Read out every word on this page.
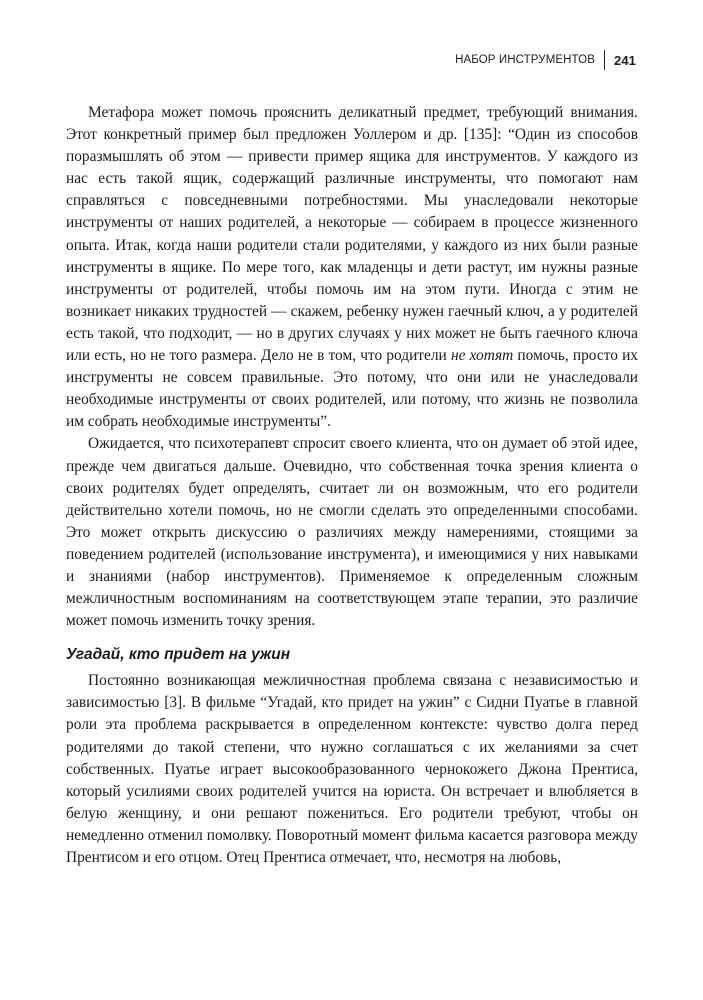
НАБОР ИНСТРУМЕНТОВ 241

Метафора может помочь прояснить деликатный предмет, требующий внимания. Этот конкретный пример был предложен Уоллером и др. [135]: “Один из способов поразмышлять об этом — привести пример ящика для инструментов. У каждого из нас есть такой ящик, содержащий различные инструменты, что помогают нам справляться с повседневными потребностями. Мы унаследовали некоторые инструменты от наших родителей, а некоторые — собираем в процессе жизненного опыта. Итак, когда наши родители стали родителями, у каждого из них были разные инструменты в ящике. По мере того, как младенцы и дети растут, им нужны разные инструменты от родителей, чтобы помочь им на этом пути. Иногда с этим не возникает никаких трудностей — скажем, ребенку нужен гаечный ключ, а у родителей есть такой, что подходит, — но в других случаях у них может не быть гаечного ключа или есть, но не того размера. Дело не в том, что родители не хотят помочь, просто их инструменты не совсем правильные. Это потому, что они или не унаследовали необходимые инструменты от своих родителей, или потому, что жизнь не позволила им собрать необходимые инструменты”.

Ожидается, что психотерапевт спросит своего клиента, что он думает об этой идее, прежде чем двигаться дальше. Очевидно, что собственная точка зрения клиента о своих родителях будет определять, считает ли он возможным, что его родители действительно хотели помочь, но не смогли сделать это определенными способами. Это может открыть дискуссию о различиях между намерениями, стоящими за поведением родителей (использование инструмента), и имеющимися у них навыками и знаниями (набор инструментов). Применяемое к определенным сложным межличностным воспоминаниям на соответствующем этапе терапии, это различие может помочь изменить точку зрения.

Угадай, кто придет на ужин

Постоянно возникающая межличностная проблема связана с независимостью и зависимостью [3]. В фильме “Угадай, кто придет на ужин” с Сидни Пуатье в главной роли эта проблема раскрывается в определенном контексте: чувство долга перед родителями до такой степени, что нужно соглашаться с их желаниями за счет собственных. Пуатье играет высокообразованного чернокожего Джона Прентиса, который усилиями своих родителей учится на юриста. Он встречает и влюбляется в белую женщину, и они решают пожениться. Его родители требуют, чтобы он немедленно отменил помолвку. Поворотный момент фильма касается разговора между Прентисом и его отцом. Отец Прентиса отмечает, что, несмотря на любовь,
